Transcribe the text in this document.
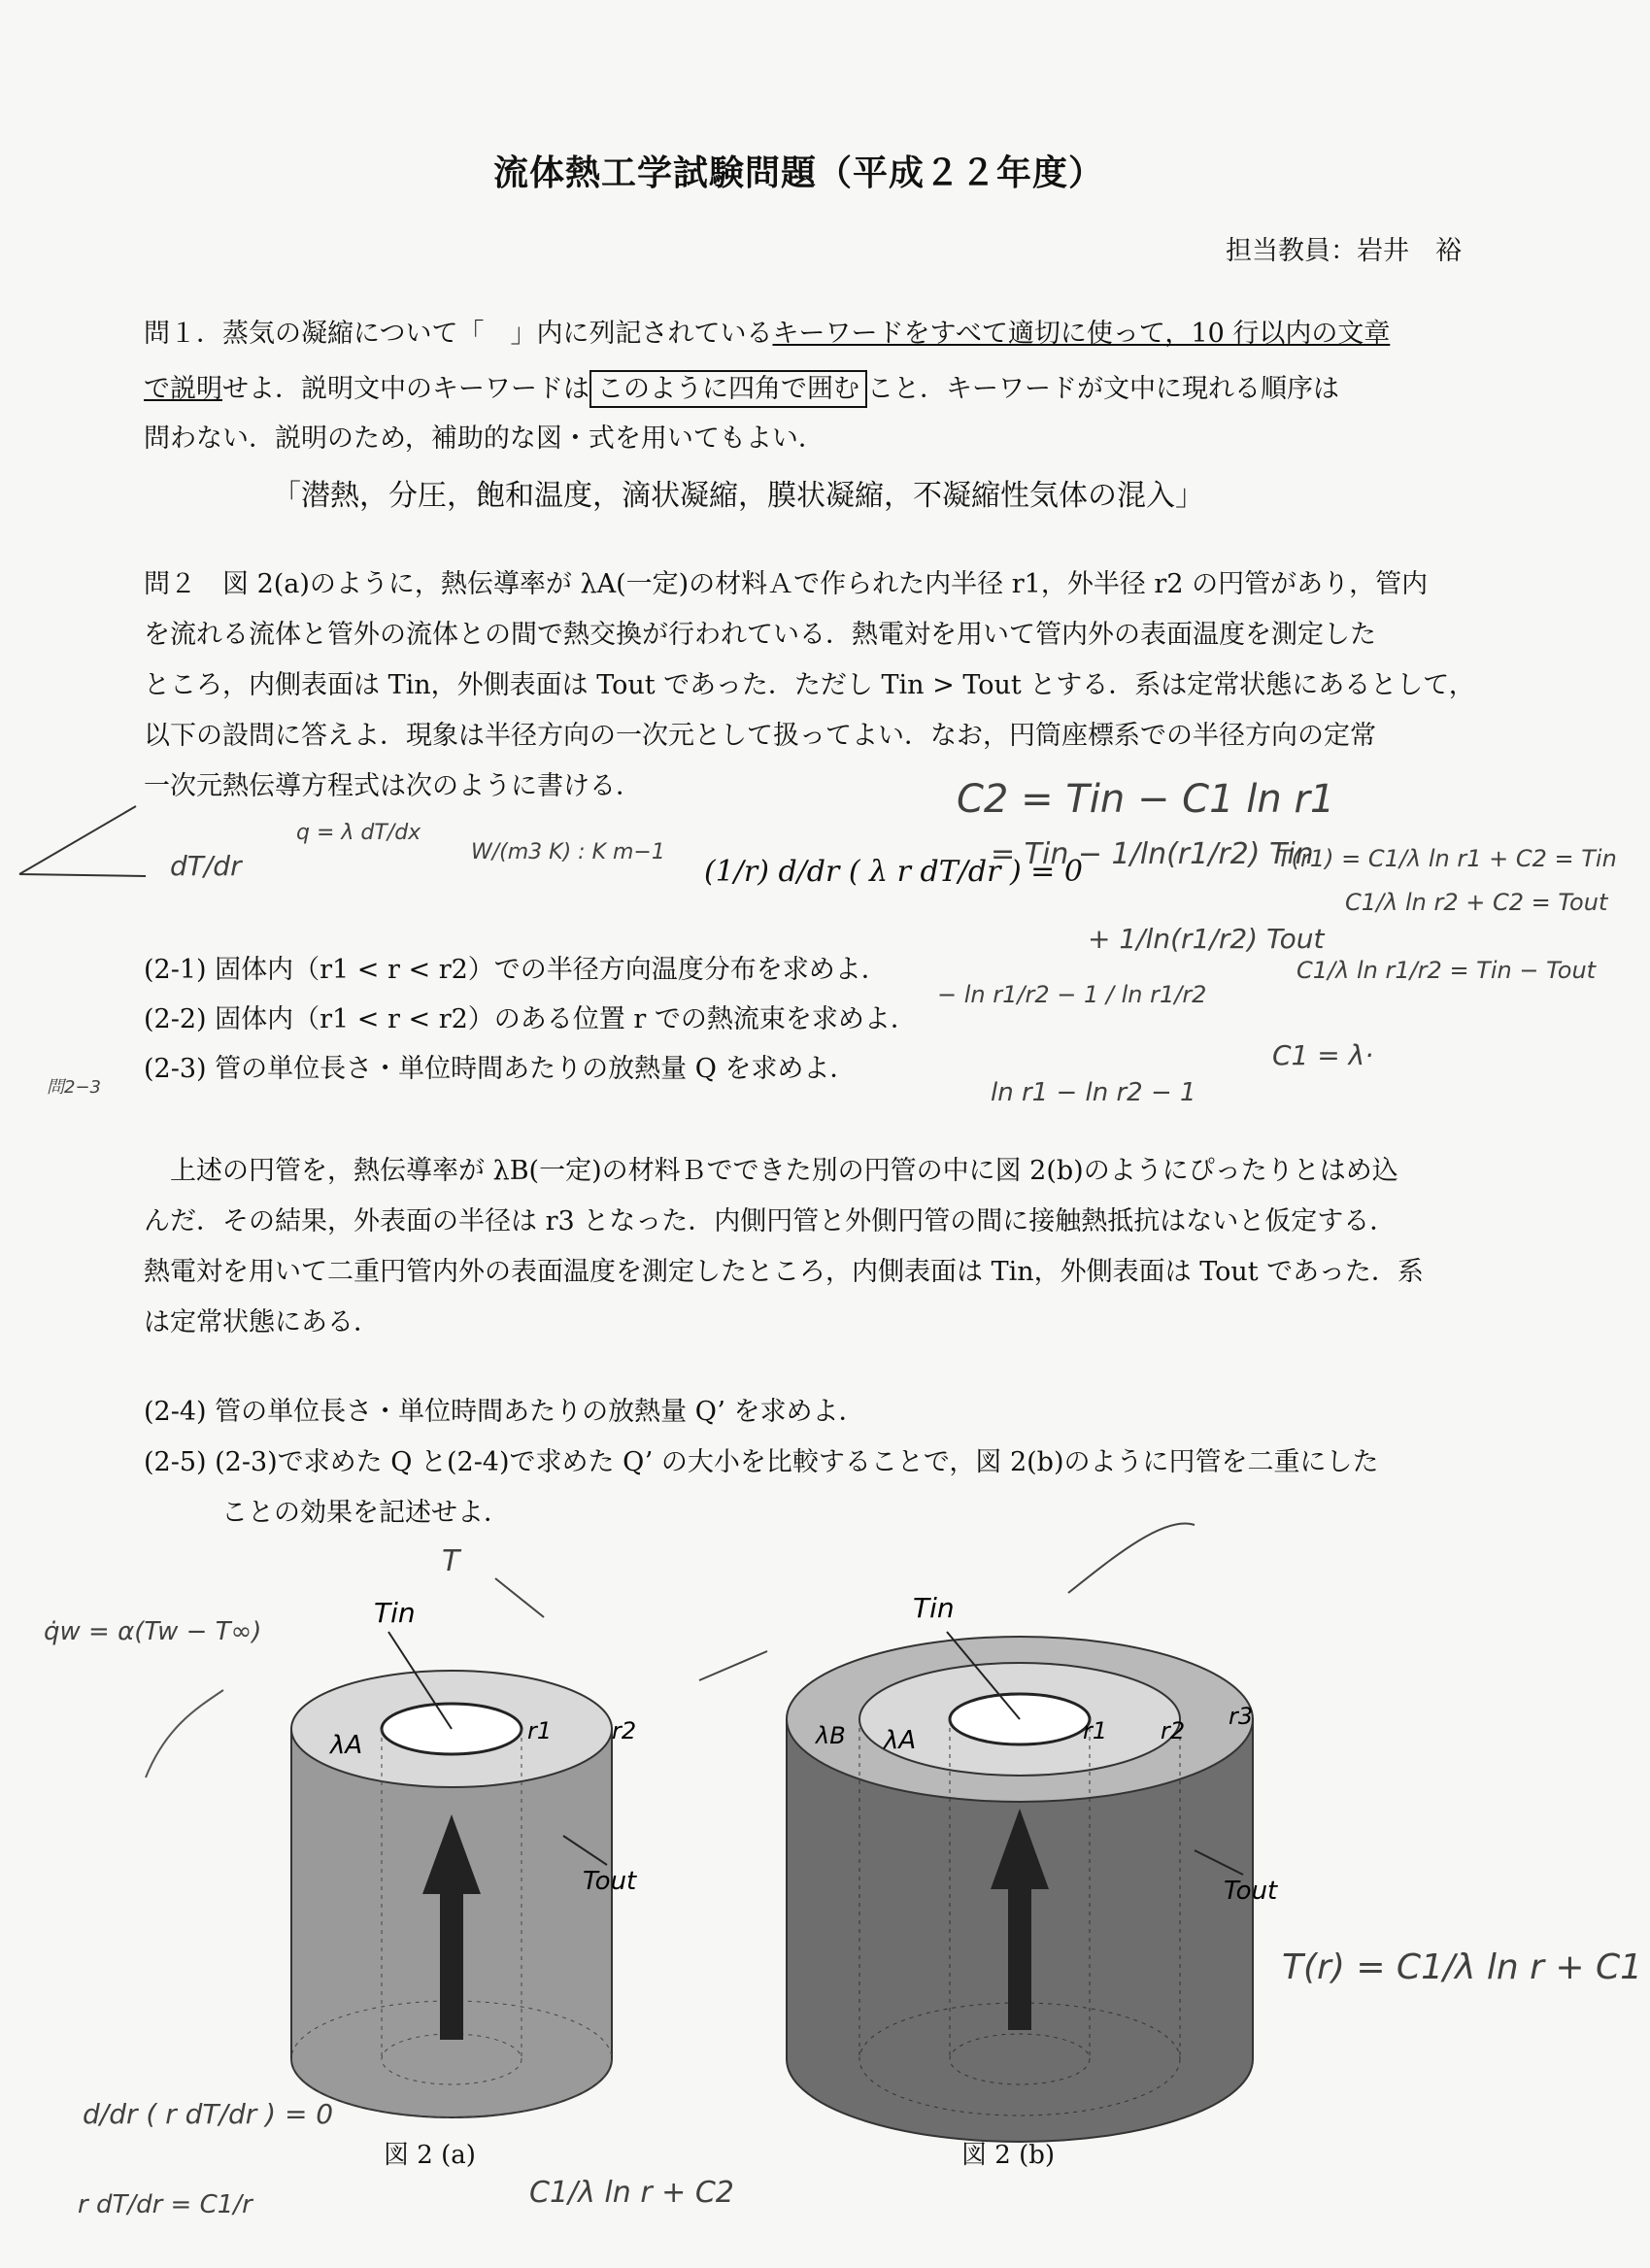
流体熱工学試験問題（平成２２年度）
担当教員：岩井　裕
問１．蒸気の凝縮について「　」内に列記されているキーワードをすべて適切に使って，10 行以内の文章
で説明せよ．説明文中のキーワードは このように四角で囲む こと．キーワードが文中に現れる順序は
問わない．説明のため，補助的な図・式を用いてもよい．
「潜熱，分圧，飽和温度，滴状凝縮，膜状凝縮，不凝縮性気体の混入」
問２　図 2(a)のように，熱伝導率が λA(一定)の材料Ａで作られた内半径 r1，外半径 r2 の円管があり，管内
を流れる流体と管外の流体との間で熱交換が行われている．熱電対を用いて管内外の表面温度を測定した
ところ，内側表面は Tin，外側表面は Tout であった．ただし Tin > Tout とする．系は定常状態にあるとして，
以下の設問に答えよ．現象は半径方向の一次元として扱ってよい．なお，円筒座標系での半径方向の定常
一次元熱伝導方程式は次のように書ける．
(1/r) d/dr ( λ r dT/dr ) = 0
(2-1) 固体内（r1 < r < r2）での半径方向温度分布を求めよ．
(2-2) 固体内（r1 < r < r2）のある位置 r での熱流束を求めよ．
(2-3) 管の単位長さ・単位時間あたりの放熱量 Q を求めよ．
　上述の円管を，熱伝導率が λB(一定)の材料Ｂでできた別の円管の中に図 2(b)のようにぴったりとはめ込
んだ．その結果，外表面の半径は r3 となった．内側円管と外側円管の間に接触熱抵抗はないと仮定する．
熱電対を用いて二重円管内外の表面温度を測定したところ，内側表面は Tin，外側表面は Tout であった．系
は定常状態にある．
(2-4) 管の単位長さ・単位時間あたりの放熱量 Q’ を求めよ．
(2-5) (2-3)で求めた Q と(2-4)で求めた Q’ の大小を比較することで，図 2(b)のように円管を二重にした
ことの効果を記述せよ．
Tin
λA	r1	r2
Tout
図 2 (a)
Tin
λB λA	r1 r2
r3
Tout
図 2 (b)
C2 = Tin − C1 ln r1
= Tin − 1/ln(r1/r2) Tin
+ 1/ln(r1/r2) Tout
T(r1) = C1/λ ln r1 + C2 = Tin
C1/λ ln r2 + C2 = Tout
C1/λ ln r1/r2 = Tin − Tout
C1 = λ·
− ln r1/r2 − 1 / ln r1/r2
ln r1 − ln r2 − 1
dT/dr
q = λ dT/dx
W/(m3 K) : K m−1
q̇w = α(Tw − T∞)
T(r) = C1/λ ln r + C1
d/dr ( r dT/dr ) = 0
r dT/dr = C1/r	C1/λ ln r + C2
T
問2−3
